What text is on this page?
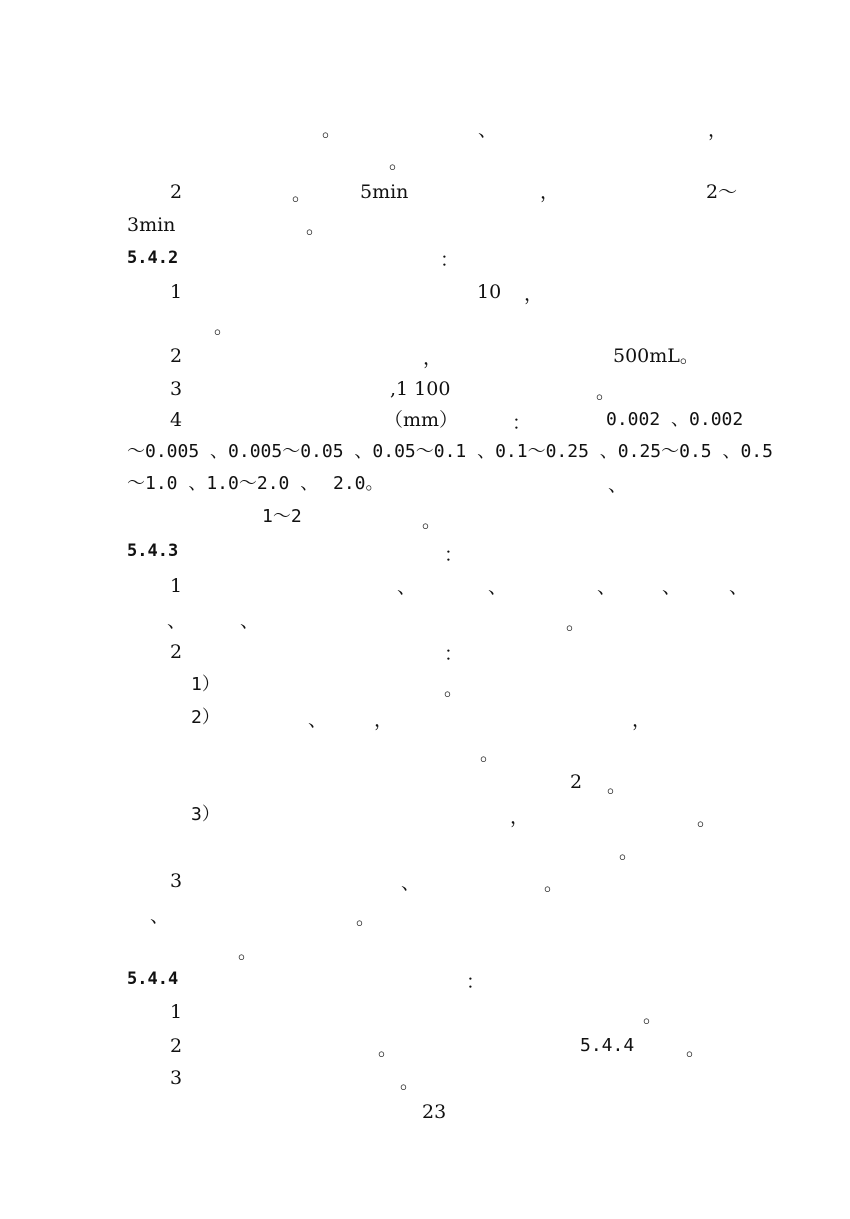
。	、	，
。
2	。	5min	，	2～
3min	。
5.4.2	：
1	10 ，
。
2	，	500mL。
3	,1 100	。
4	（mm）	：	0.002 、0.002
～0.005 、0.005～0.05 、0.05～0.1 、0.1～0.25 、0.25～0.5 、0.5
～1.0 、1.0～2.0 、 2.0。	、
1～2	。
5.4.3	：
1	、	、	、 、	、
、	、	。
2	：
1）	。
2）	、 ，	，
。
2 。
3）	，	。
。
3	、	。
、	。
。
5.4.4	：
1	。
2	。	5.4.4	。
3	。
23
